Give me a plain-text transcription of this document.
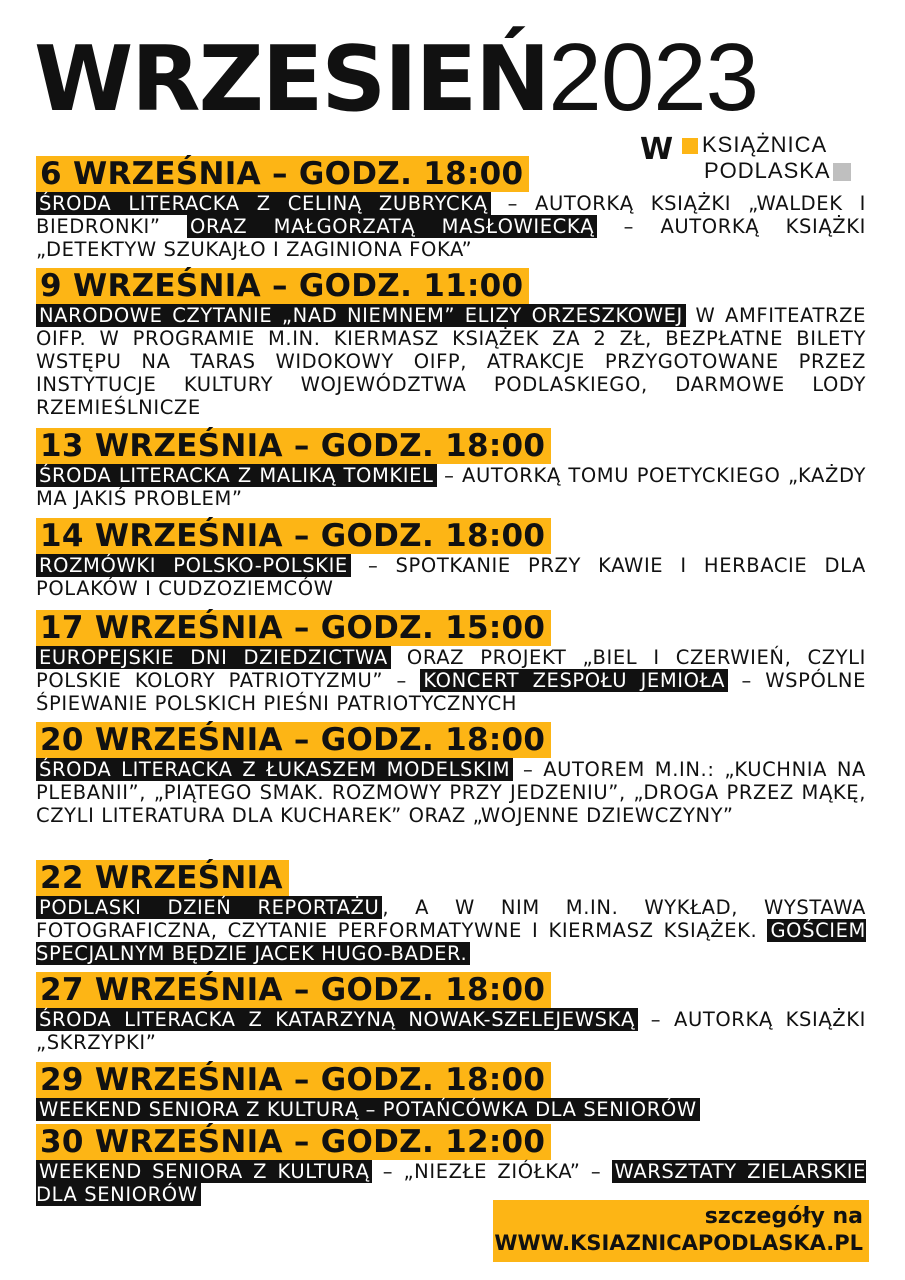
WRZESIEŃ2023
W	KSIĄŻNICA
PODLASKA
6 WRZEŚNIA – GODZ. 18:00
ŚRODA LITERACKA Z CELINĄ ZUBRYCKĄ – AUTORKĄ KSIĄŻKI „WALDEK I BIEDRONKI” ORAZ MAŁGORZATĄ MASŁOWIECKĄ – AUTORKĄ KSIĄŻKI „DETEKTYW SZUKAJŁO I ZAGINIONA FOKA”
9 WRZEŚNIA – GODZ. 11:00
NARODOWE CZYTANIE „NAD NIEMNEM” ELIZY ORZESZKOWEJ W AMFITEATRZE OIFP. W PROGRAMIE M.IN. KIERMASZ KSIĄŻEK ZA 2 ZŁ, BEZPŁATNE BILETY WSTĘPU NA TARAS WIDOKOWY OIFP, ATRAKCJE PRZYGOTOWANE PRZEZ INSTYTUCJE KULTURY WOJEWÓDZTWA PODLASKIEGO, DARMOWE LODY RZEMIEŚLNICZE
13 WRZEŚNIA – GODZ. 18:00
ŚRODA LITERACKA Z MALIKĄ TOMKIEL – AUTORKĄ TOMU POETYCKIEGO „KAŻDY MA JAKIŚ PROBLEM”
14 WRZEŚNIA – GODZ. 18:00
ROZMÓWKI POLSKO-POLSKIE – SPOTKANIE PRZY KAWIE I HERBACIE DLA POLAKÓW I CUDZOZIEMCÓW
17 WRZEŚNIA – GODZ. 15:00
EUROPEJSKIE DNI DZIEDZICTWA ORAZ PROJEKT „BIEL I CZERWIEŃ, CZYLI POLSKIE KOLORY PATRIOTYZMU” – KONCERT ZESPOŁU JEMIOŁA – WSPÓLNE ŚPIEWANIE POLSKICH PIEŚNI PATRIOTYCZNYCH
20 WRZEŚNIA – GODZ. 18:00
ŚRODA LITERACKA Z ŁUKASZEM MODELSKIM – AUTOREM M.IN.: „KUCHNIA NA PLEBANII”, „PIĄTEGO SMAK. ROZMOWY PRZY JEDZENIU”, „DROGA PRZEZ MĄKĘ, CZYLI LITERATURA DLA KUCHAREK” ORAZ „WOJENNE DZIEWCZYNY”
22 WRZEŚNIA
PODLASKI DZIEŃ REPORTAŻU , A W NIM M.IN. WYKŁAD, WYSTAWA FOTOGRAFICZNA, CZYTANIE PERFORMATYWNE I KIERMASZ KSIĄŻEK. GOŚCIEM SPECJALNYM BĘDZIE JACEK HUGO-BADER.
27 WRZEŚNIA – GODZ. 18:00
ŚRODA LITERACKA Z KATARZYNĄ NOWAK-SZELEJEWSKĄ – AUTORKĄ KSIĄŻKI „SKRZYPKI”
29 WRZEŚNIA – GODZ. 18:00
WEEKEND SENIORA Z KULTURĄ – POTAŃCÓWKA DLA SENIORÓW
30 WRZEŚNIA – GODZ. 12:00
WEEKEND SENIORA Z KULTURĄ – „NIEZŁE ZIÓŁKA” – WARSZTATY ZIELARSKIE DLA SENIORÓW
szczegóły na
WWW.KSIAZNICAPODLASKA.PL
